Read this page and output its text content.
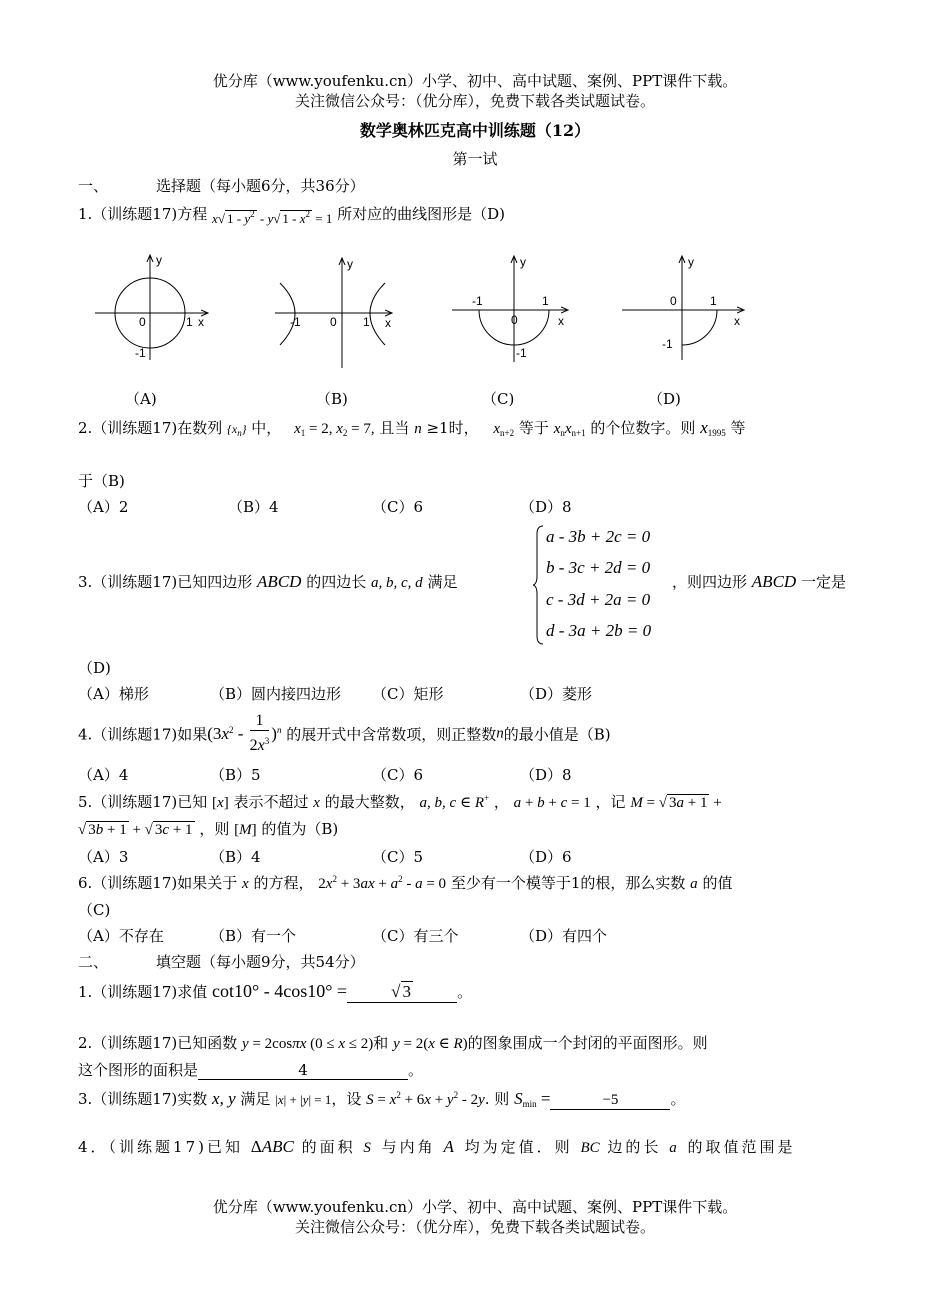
优分库（www.youfenku.cn）小学、初中、高中试题、案例、PPT课件下载。
关注微信公众号：（优分库），免费下载各类试题试卷。
数学奥林匹克高中训练题（12）
第一试
一、	选择题（每小题6分，共36分）
1.（训练题17)方程 x√ $1 - y^2 - y√$ $1 - x^2 = 1$ 所对应的曲线图形是（D)
y
x
0	1
-1
y
x
-1 0 1
y
x
-1	1
0
-1
y
x
0	1
-1
（A)	（B)	（C)	（D)
2.（训练题17)在数列 $\{x_n\}$ 中， $x_1 = 2$, $x_2 = 7$, 且当 n ≥1时， $x_{n+2}$ 等于 $x_nx_{n+1}$ 的个位数字。则 $x_{1995}$ 等
于（B)
（A）2	（B）4	（C）6	（D）8
3.（训练题17)已知四边形 ABCD 的四边长 a, b, c, d 满足
a - 3b + 2c = 0
b - 3c + 2d = 0
c - 3d + 2a = 0
d - 3a + 2b = 0
，则四边形 ABCD 一定是
（D)
（A）梯形	（B）圆内接四边形 （C）矩形	（D）菱形
4.（训练题17)如果$(3x^2 - \frac{1}{2x^3} )^n$ 的展开式中含常数项，则正整数n的最小值是（B)
（A）4	（B）5	（C）6	（D）8
5.（训练题17)已知 [x] 表示不超过 x 的最大整数， a, b, c ∈ R+ ， a + b + c = 1 ，记 M = √ 3a + 1 +
√ 3b + 1 + √ 3c + 1 ，则 [M] 的值为（B)
（A）3	（B）4	（C）5	（D）6
6.（训练题17)如果关于 x 的方程， $2x^2 + 3ax + a^2 - a = 0$ 至少有一个模等于1的根，那么实数 a 的值
（C)
（A）不存在	（B）有一个	（C）有三个	（D）有四个
二、	填空题（每小题9分，共54分）
1.（训练题17)求值 cot10° - 4cos10° =	√ 3	。
2.（训练题17)已知函数 y = 2cosπx (0 ≤ x ≤ 2)和 y = 2(x ∈ R)的图象围成一个封闭的平面图形。则
这个图形的面积是	4	。
3.（训练题17)实数 x, y 满足 |x| + |y| = 1，设 $S = x^2 + 6x + y^2 - 2y$. 则 $S_{min}$ =	−5	。
4．（训练题17)已知 ΔABC 的面积 S 与内角 A 均为定值．则 BC 边的长 a 的取值范围是
优分库（www.youfenku.cn）小学、初中、高中试题、案例、PPT课件下载。
关注微信公众号：（优分库），免费下载各类试题试卷。
